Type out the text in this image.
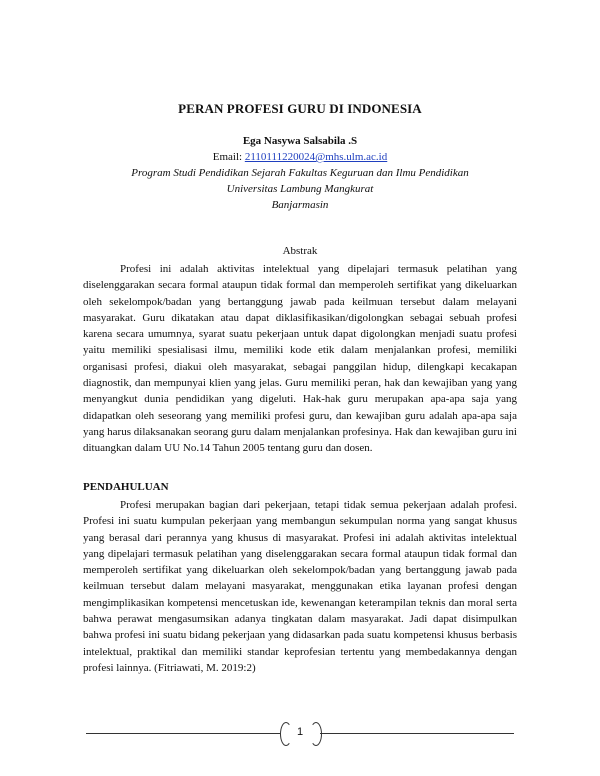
PERAN PROFESI GURU DI INDONESIA
Ega Nasywa Salsabila .S
Email: 2110111220024@mhs.ulm.ac.id
Program Studi Pendidikan Sejarah Fakultas Keguruan dan Ilmu Pendidikan
Universitas Lambung Mangkurat
Banjarmasin
Abstrak

Profesi ini adalah aktivitas intelektual yang dipelajari termasuk pelatihan yang diselenggarakan secara formal ataupun tidak formal dan memperoleh sertifikat yang dikeluarkan oleh sekelompok/badan yang bertanggung jawab pada keilmuan tersebut dalam melayani masyarakat. Guru dikatakan atau dapat diklasifikasikan/digolongkan sebagai sebuah profesi karena secara umumnya, syarat suatu pekerjaan untuk dapat digolongkan menjadi suatu profesi yaitu memiliki spesialisasi ilmu, memiliki kode etik dalam menjalankan profesi, memiliki organisasi profesi, diakui oleh masyarakat, sebagai panggilan hidup, dilengkapi kecakapan diagnostik, dan mempunyai klien yang jelas. Guru memiliki peran, hak dan kewajiban yang yang menyangkut dunia pendidikan yang digeluti. Hak-hak guru merupakan apa-apa saja yang didapatkan oleh seseorang yang memiliki profesi guru, dan kewajiban guru adalah apa-apa saja yang harus dilaksanakan seorang guru dalam menjalankan profesinya. Hak dan kewajiban guru ini dituangkan dalam UU No.14 Tahun 2005 tentang guru dan dosen.

PENDAHULUAN

Profesi merupakan bagian dari pekerjaan, tetapi tidak semua pekerjaan adalah profesi. Profesi ini suatu kumpulan pekerjaan yang membangun sekumpulan norma yang sangat khusus yang berasal dari perannya yang khusus di masyarakat. Profesi ini adalah aktivitas intelektual yang dipelajari termasuk pelatihan yang diselenggarakan secara formal ataupun tidak formal dan memperoleh sertifikat yang dikeluarkan oleh sekelompok/badan yang bertanggung jawab pada keilmuan tersebut dalam melayani masyarakat, menggunakan etika layanan profesi dengan mengimplikasikan kompetensi mencetuskan ide, kewenangan keterampilan teknis dan moral serta bahwa perawat mengasumsikan adanya tingkatan dalam masyarakat. Jadi dapat disimpulkan bahwa profesi ini suatu bidang pekerjaan yang didasarkan pada suatu kompetensi khusus berbasis intelektual, praktikal dan memiliki standar keprofesian tertentu yang membedakannya dengan profesi lainnya. (Fitriawati, M. 2019:2)

1
